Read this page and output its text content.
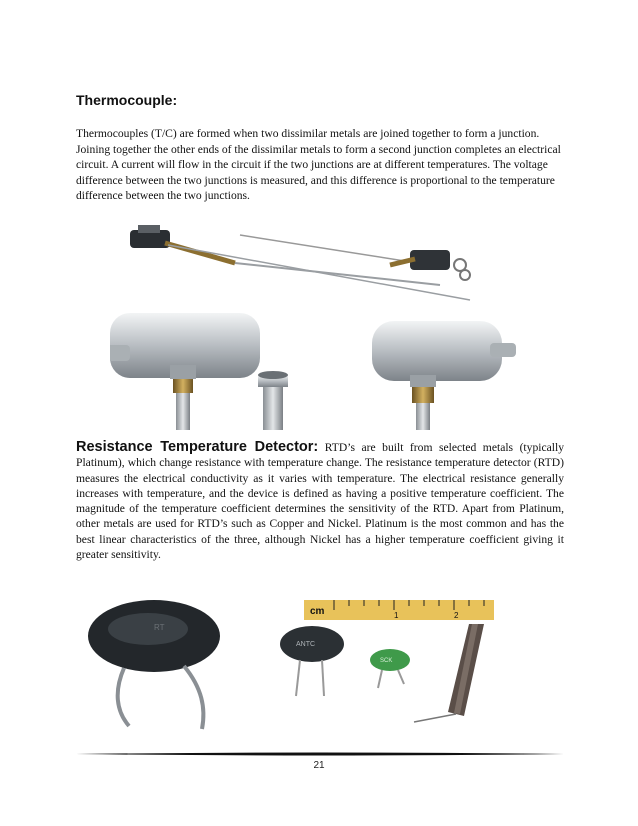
Thermocouple:
Thermocouples (T/C) are formed when two dissimilar metals are joined together to form a junction. Joining together the other ends of the dissimilar metals to form a second junction completes an electrical circuit. A current will flow in the circuit if the two junctions are at different temperatures. The voltage difference between the two junctions is measured, and this difference is proportional to the temperature difference between the two junctions.
Resistance Temperature Detector: RTD’s are built from selected metals (typically Platinum), which change resistance with temperature change. The resistance temperature detector (RTD) measures the electrical conductivity as it varies with temperature. The electrical resistance generally increases with temperature, and the device is defined as having a positive temperature coefficient. The magnitude of the temperature coefficient determines the sensitivity of the RTD. Apart from Platinum, other metals are used for RTD’s such as Copper and Nickel. Platinum is the most common and has the best linear characteristics of the three, although Nickel has a higher temperature coefficient giving it greater sensitivity.
RT
cm	1	2
ANTC
SCK
21
